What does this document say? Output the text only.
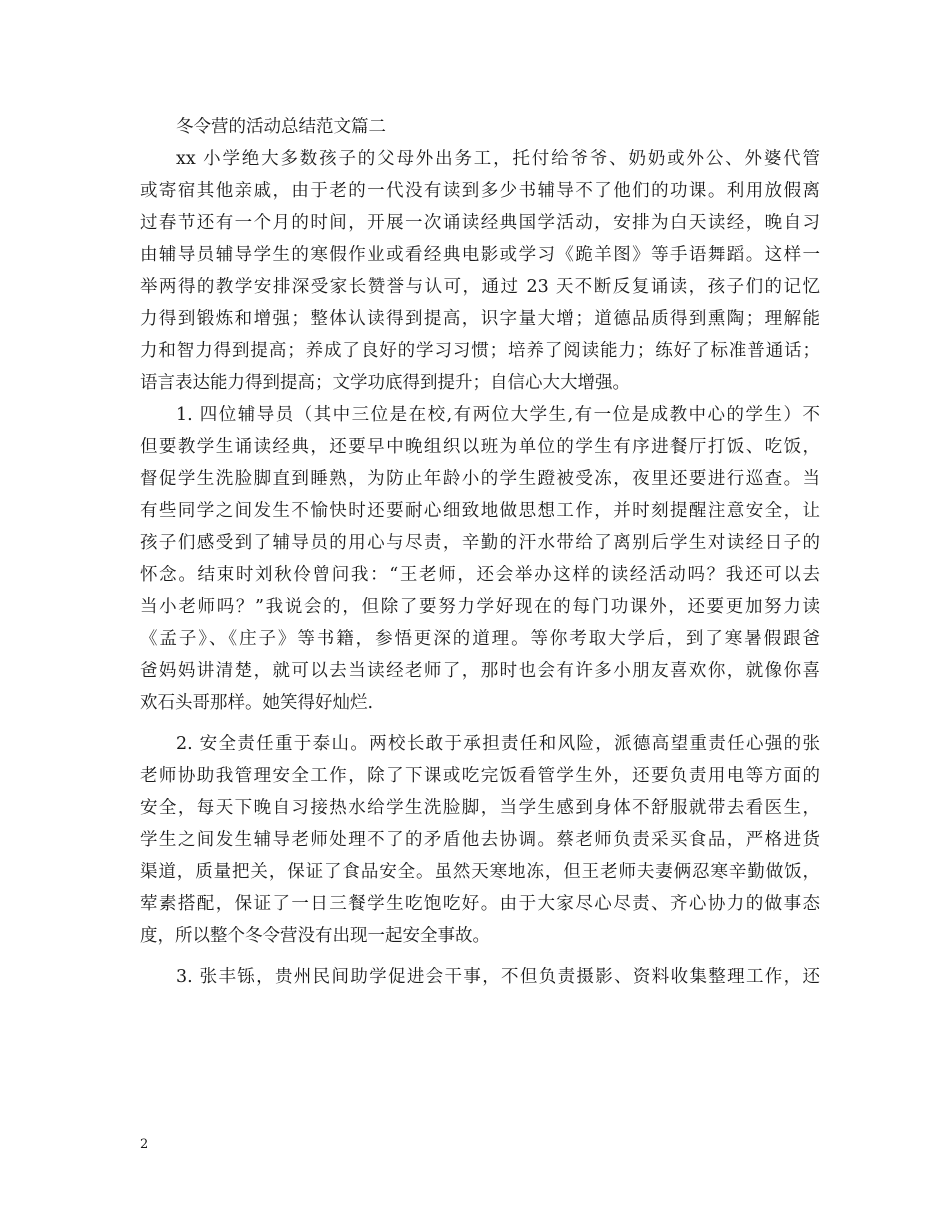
冬令营的活动总结范文篇二
xx 小学绝大多数孩子的父母外出务工，托付给爷爷、奶奶或外公、外婆代管
或寄宿其他亲戚，由于老的一代没有读到多少书辅导不了他们的功课。利用放假离
过春节还有一个月的时间，开展一次诵读经典国学活动，安排为白天读经，晚自习
由辅导员辅导学生的寒假作业或看经典电影或学习《跪羊图》等手语舞蹈。这样一
举两得的教学安排深受家长赞誉与认可，通过 23 天不断反复诵读，孩子们的记忆
力得到锻炼和增强；整体认读得到提高，识字量大增；道德品质得到熏陶；理解能
力和智力得到提高；养成了良好的学习习惯；培养了阅读能力；练好了标准普通话；
语言表达能力得到提高；文学功底得到提升；自信心大大增强。
1. 四位辅导员（其中三位是在校,有两位大学生,有一位是成教中心的学生）不
但要教学生诵读经典，还要早中晚组织以班为单位的学生有序进餐厅打饭、吃饭，
督促学生洗脸脚直到睡熟，为防止年龄小的学生蹬被受冻，夜里还要进行巡查。当
有些同学之间发生不愉快时还要耐心细致地做思想工作，并时刻提醒注意安全，让
孩子们感受到了辅导员的用心与尽责，辛勤的汗水带给了离别后学生对读经日子的
怀念。结束时刘秋伶曾问我：“王老师，还会举办这样的读经活动吗？我还可以去
当小老师吗？”我说会的，但除了要努力学好现在的每门功课外，还要更加努力读
《孟子》、《庄子》等书籍，参悟更深的道理。等你考取大学后，到了寒暑假跟爸
爸妈妈讲清楚，就可以去当读经老师了，那时也会有许多小朋友喜欢你，就像你喜
欢石头哥那样。她笑得好灿烂.
2. 安全责任重于泰山。两校长敢于承担责任和风险，派德高望重责任心强的张
老师协助我管理安全工作，除了下课或吃完饭看管学生外，还要负责用电等方面的
安全，每天下晚自习接热水给学生洗脸脚，当学生感到身体不舒服就带去看医生，
学生之间发生辅导老师处理不了的矛盾他去协调。蔡老师负责采买食品，严格进货
渠道，质量把关，保证了食品安全。虽然天寒地冻，但王老师夫妻俩忍寒辛勤做饭，
荤素搭配，保证了一日三餐学生吃饱吃好。由于大家尽心尽责、齐心协力的做事态
度，所以整个冬令营没有出现一起安全事故。
3. 张丰铄，贵州民间助学促进会干事，不但负责摄影、资料收集整理工作，还
2
